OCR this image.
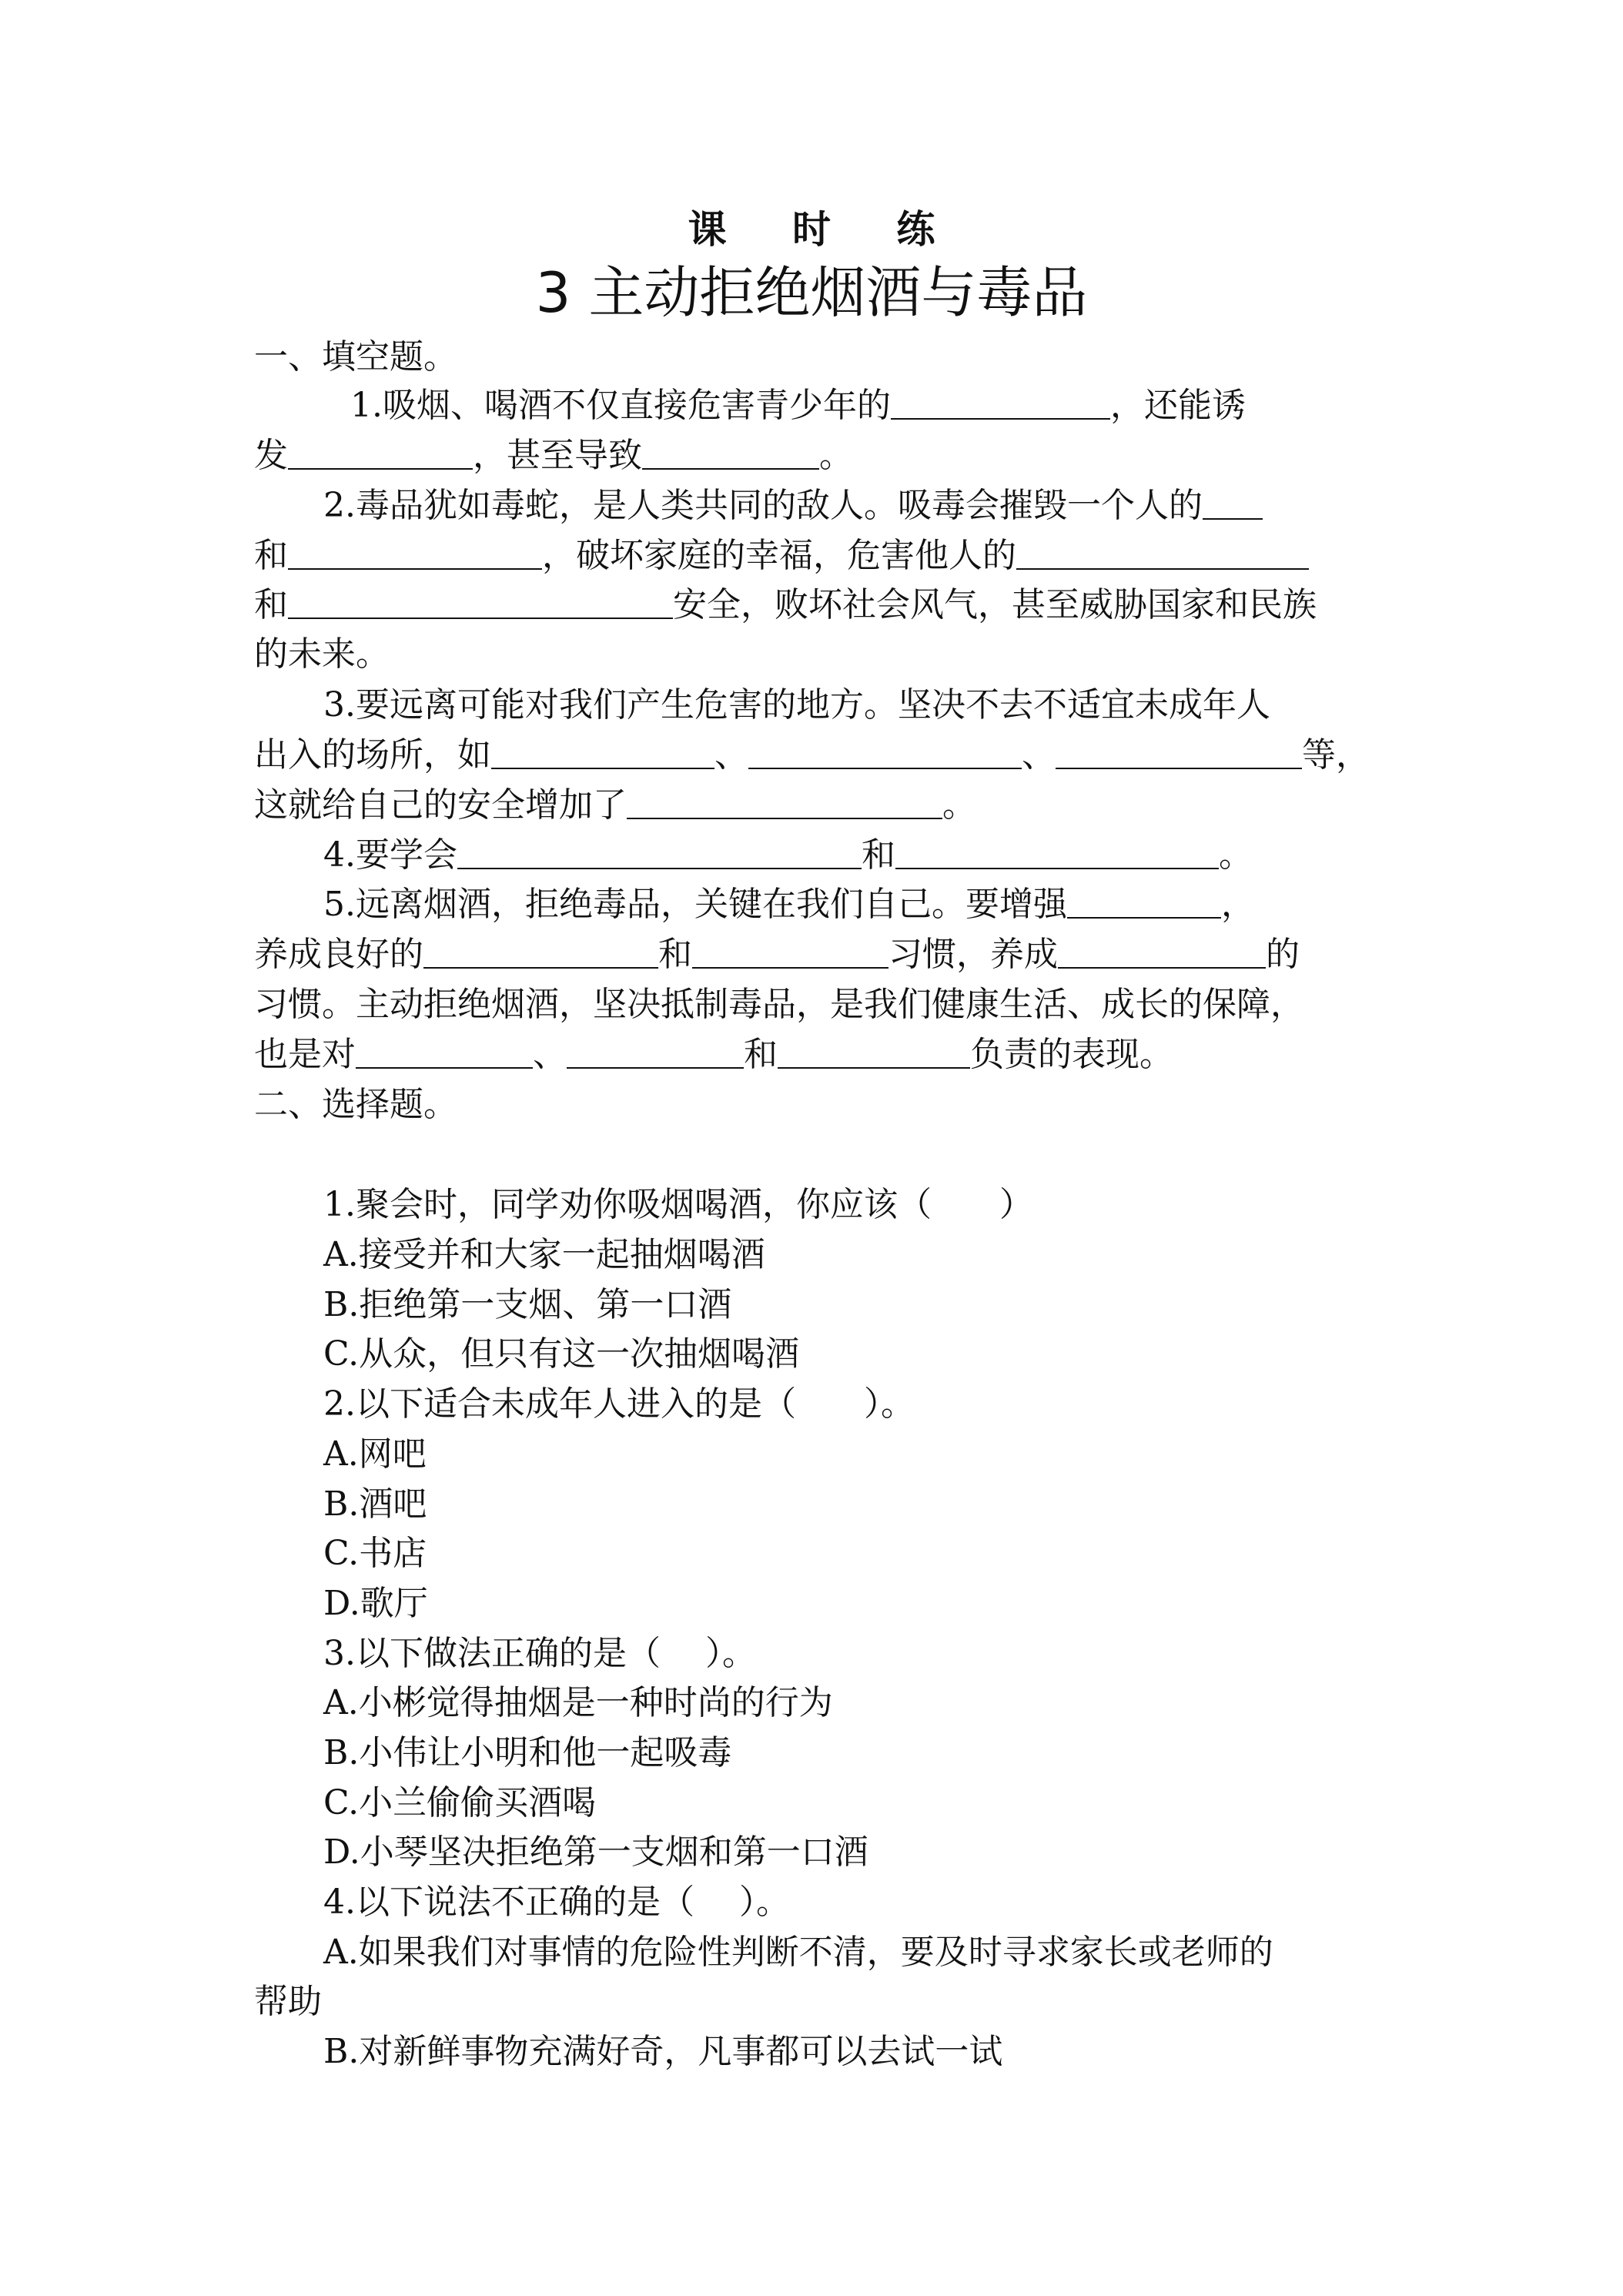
课 时 练
3 主动拒绝烟酒与毒品
一、填空题。
1.吸烟、喝酒不仅直接危害青少年的	，还能诱
发	，甚至导致	。
2.毒品犹如毒蛇，是人类共同的敌人。吸毒会摧毁一个人的
和	，破坏家庭的幸福，危害他人的
和	安全，败坏社会风气，甚至威胁国家和民族
的未来。
3.要远离可能对我们产生危害的地方。坚决不去不适宜未成年人
出入的场所，如	、	、	等，
这就给自己的安全增加了	。
4.要学会	和	。
5.远离烟酒，拒绝毒品，关键在我们自己。要增强	，
养成良好的	和	习惯，养成	的
习惯。主动拒绝烟酒，坚决抵制毒品，是我们健康生活、成长的保障，
也是对	、	和	负责的表现。
二、选择题。
1.聚会时，同学劝你吸烟喝酒，你应该（　　）
A.接受并和大家一起抽烟喝酒
B.拒绝第一支烟、第一口酒
C.从众，但只有这一次抽烟喝酒
2.以下适合未成年人进入的是（　　）。
A.网吧
B.酒吧
C.书店
D.歌厅
3.以下做法正确的是（　 ）。
A.小彬觉得抽烟是一种时尚的行为
B.小伟让小明和他一起吸毒
C.小兰偷偷买酒喝
D.小琴坚决拒绝第一支烟和第一口酒
4.以下说法不正确的是（　 ）。
A.如果我们对事情的危险性判断不清，要及时寻求家长或老师的
帮助
B.对新鲜事物充满好奇，凡事都可以去试一试
